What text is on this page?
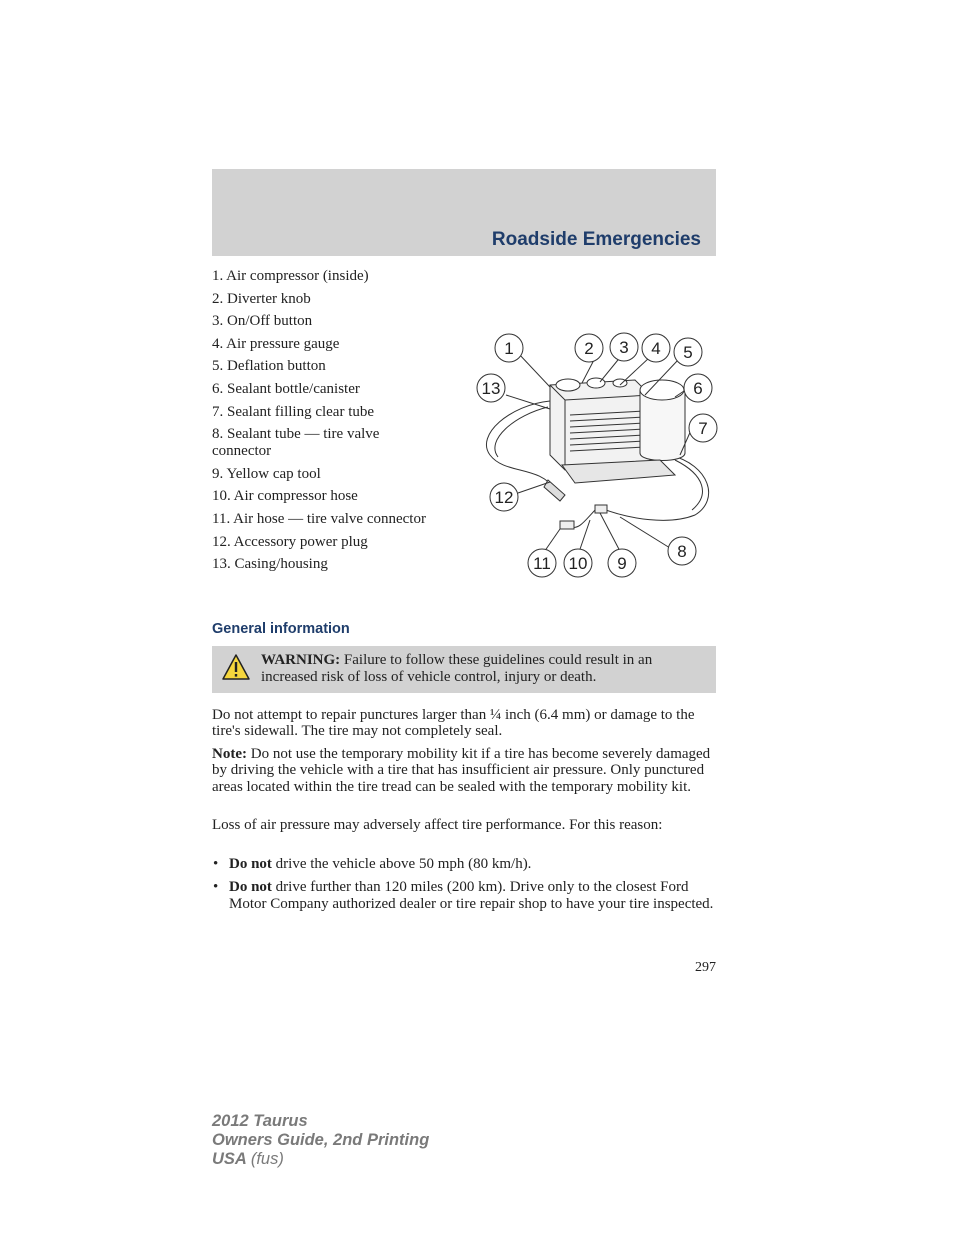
Roadside Emergencies
1. Air compressor (inside)
2. Diverter knob
3. On/Off button
4. Air pressure gauge
5. Deflation button
6. Sealant bottle/canister
7. Sealant filling clear tube
8. Sealant tube — tire valve connector
9. Yellow cap tool
10. Air compressor hose
11. Air hose — tire valve connector
12. Accessory power plug
13. Casing/housing
1	2 3 4 5
6
7
8
9
10
11
12
13
General information
WARNING: Failure to follow these guidelines could result in an increased risk of loss of vehicle control, injury or death.

Do not attempt to repair punctures larger than ¼ inch (6.4 mm) or damage to the tire's sidewall. The tire may not completely seal.

Note: Do not use the temporary mobility kit if a tire has become severely damaged by driving the vehicle with a tire that has insufficient air pressure. Only punctured areas located within the tire tread can be sealed with the temporary mobility kit.

Loss of air pressure may adversely affect tire performance. For this reason:

• Do not drive the vehicle above 50 mph (80 km/h).
• Do not drive further than 120 miles (200 km). Drive only to the closest Ford Motor Company authorized dealer or tire repair shop to have your tire inspected.
297
2012 Taurus
Owners Guide, 2nd Printing
USA (fus)
